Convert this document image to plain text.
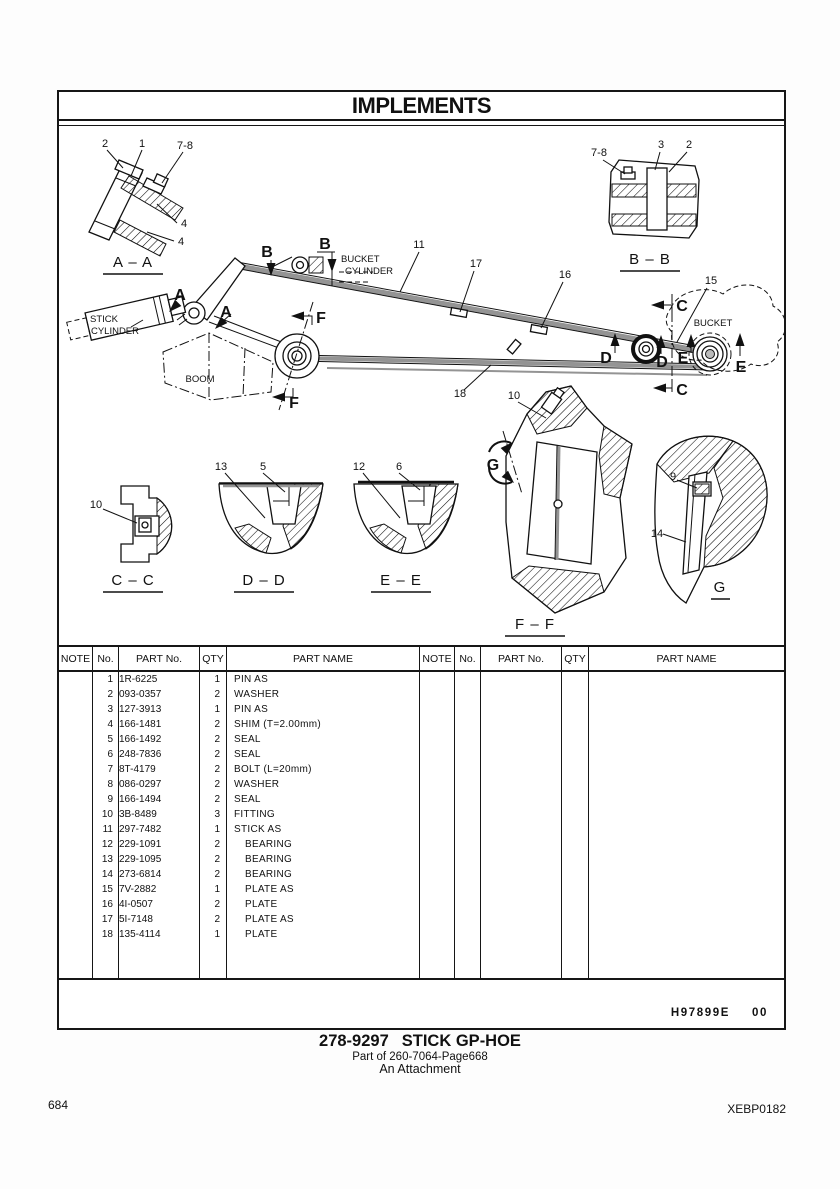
IMPLEMENTS
2	1	7-8
4
4
A – A
7-8
3 2
B – B
STICK
CYLINDER
BOOM
BUCKET
CYLINDER
BUCKET
B	B
A
A	F
F
C
C
D	D E
E
11
17
16	15
18
10
C – C
13	5
D – D
12	6
E – E
10
G
F – F
9
14
G
NOTE No.	PART No.	QTY	PART NAME	NOTE No.	PART No.	QTY	PART NAME
1 1R-6225	1	PIN AS
2 093-0357	2	WASHER
3 127-3913	1	PIN AS
4 166-1481	2	SHIM (T=2.00mm)
5 166-1492	2	SEAL
6 248-7836	2	SEAL
7 8T-4179	2	BOLT (L=20mm)
8 086-0297	2	WASHER
9 166-1494	2	SEAL
10 3B-8489	3	FITTING
11 297-7482	1	STICK AS
12 229-1091	2	BEARING
13 229-1095	2	BEARING
14 273-6814	2	BEARING
15 7V-2882	1	PLATE AS
16 4I-0507	2	PLATE
17 5I-7148	2	PLATE AS
18 135-4114	1	PLATE
H97899E 00
278-9297 STICK GP-HOE
Part of 260-7064-Page668
An Attachment
684	XEBP0182
